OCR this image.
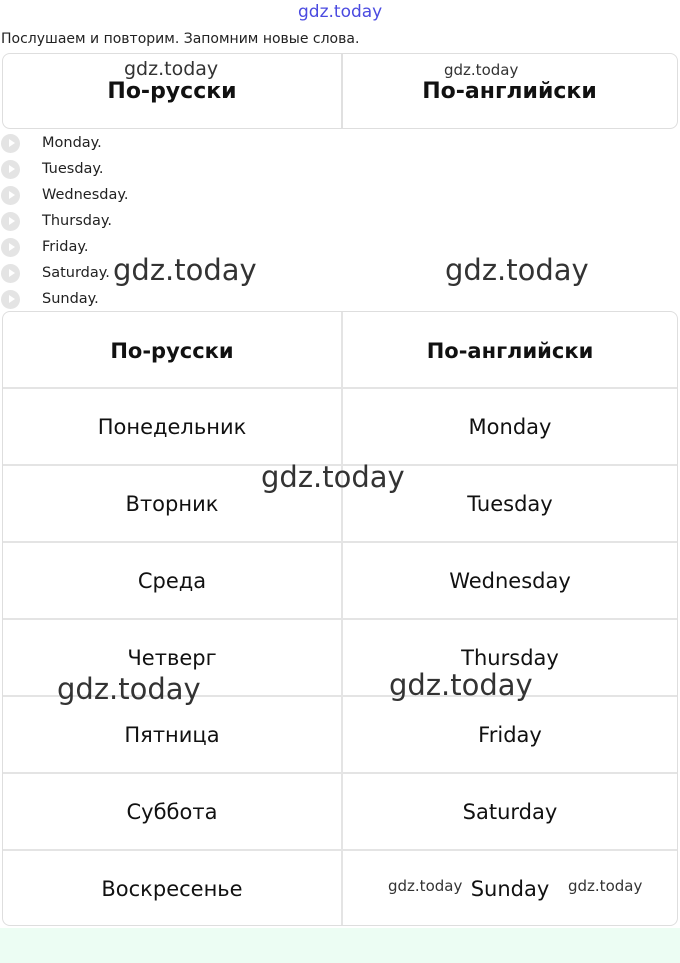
gdz.today
Послушаем и повторим. Запомним новые слова.
По-русски	По-английски
gdz.today	gdz.today
Monday.
Tuesday.
Wednesday.
Thursday.
Friday.
Saturday.
Sunday.
gdz.today	gdz.today
По-русски	По-английски
Понедельник	Monday
Вторник	Tuesday
Среда	Wednesday
Четверг	Thursday
Пятница	Friday
Суббота	Saturday
Воскресенье	Sunday
gdz.today
gdz.today	gdz.today
gdz.today	gdz.today
